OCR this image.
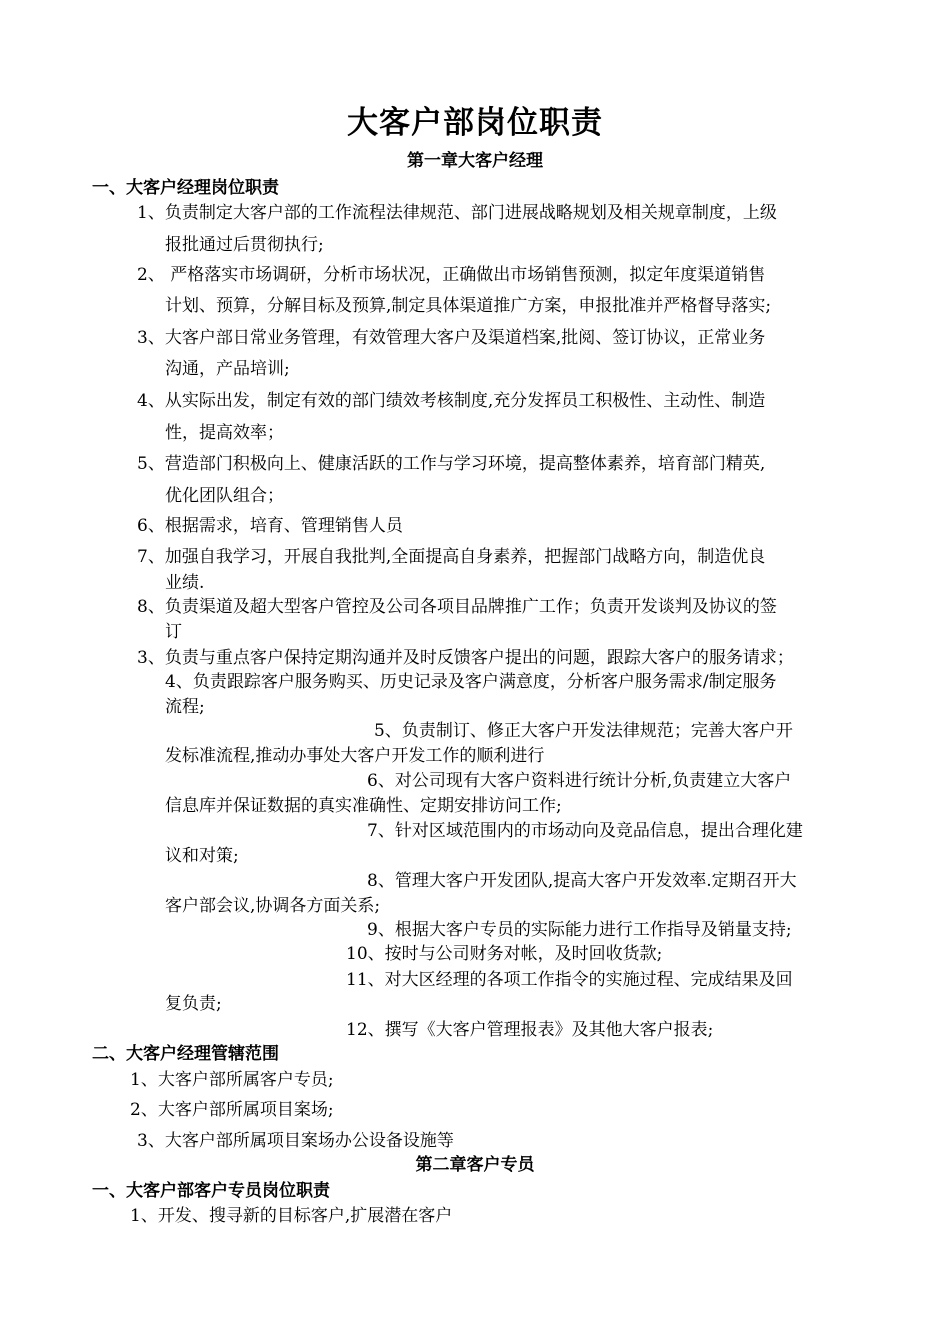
大客户部岗位职责
第一章大客户经理
一、大客户经理岗位职责
1、负责制定大客户部的工作流程法律规范、部门进展战略规划及相关规章制度，上级
报批通过后贯彻执行;
2、 严格落实市场调研，分析市场状况，正确做出市场销售预测，拟定年度渠道销售
计划、预算，分解目标及预算,制定具体渠道推广方案，申报批准并严格督导落实;
3、大客户部日常业务管理，有效管理大客户及渠道档案,批阅、签订协议，正常业务
沟通，产品培训;
4、从实际出发，制定有效的部门绩效考核制度,充分发挥员工积极性、主动性、制造
性，提高效率；
5、营造部门积极向上、健康活跃的工作与学习环境，提高整体素养，培育部门精英,
优化团队组合；
6、根据需求，培育、管理销售人员
7、加强自我学习，开展自我批判,全面提高自身素养，把握部门战略方向，制造优良
业绩.
8、负责渠道及超大型客户管控及公司各项目品牌推广工作；负责开发谈判及协议的签
订
3、负责与重点客户保持定期沟通并及时反馈客户提出的问题，跟踪大客户的服务请求；
4、负责跟踪客户服务购买、历史记录及客户满意度，分析客户服务需求/制定服务
流程;
5、负责制订、修正大客户开发法律规范；完善大客户开
发标准流程,推动办事处大客户开发工作的顺利进行
6、对公司现有大客户资料进行统计分析,负责建立大客户
信息库并保证数据的真实准确性、定期安排访问工作;
7、针对区域范围内的市场动向及竞品信息，提出合理化建
议和对策;
8、管理大客户开发团队,提高大客户开发效率.定期召开大
客户部会议,协调各方面关系;
9、根据大客户专员的实际能力进行工作指导及销量支持;
10、按时与公司财务对帐，及时回收货款;
11、对大区经理的各项工作指令的实施过程、完成结果及回
复负责;
12、撰写《大客户管理报表》及其他大客户报表;
二、大客户经理管辖范围
1、大客户部所属客户专员;
2、大客户部所属项目案场;
3、大客户部所属项目案场办公设备设施等
第二章客户专员
一、大客户部客户专员岗位职责
1、开发、搜寻新的目标客户,扩展潜在客户
